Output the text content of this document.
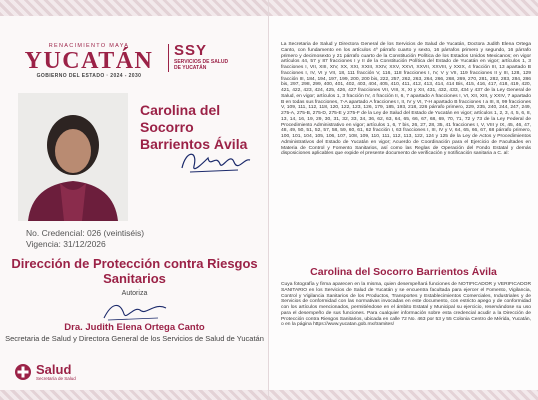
RENACIMIENTO MAYA
YUCATÁN
GOBIERNO DEL ESTADO · 2024 - 2030
SSY
SERVICIOS DE SALUD DE YUCATÁN
Carolina del Socorro Barrientos Ávila
No. Credencial: 026 (veintiséis)
Vigencia: 31/12/2026
Dirección de Protección contra Riesgos Sanitarios
Autoriza
Dra. Judith Elena Ortega Canto
Secretaria de Salud y Directora General de los Servicios de Salud de Yucatán
Salud
Secretaría de Salud
La Secretaria de Salud y Directora General de los Servicios de Salud de Yucatán, Doctora Judith Elena Ortega Canto, con fundamento en los artículos 4º párrafo cuarto y sexto, 16 párrafos primero y segundo, 16 párrafo primero y decimosexto y 21 párrafo cuarto de la Constitución Política de los Estados Unidos Mexicanos; en vigor artículos 44, 57 y 87 fracciones I y II de la Constitución Política del Estado de Yucatán en vigor; artículos 1, 3 fracciones I, VII, XIII, XIV, XX, XXI, XXIII, XXIV, XXV, XXVI, XXVII, XXVIII, y XXIX, 4 fracción III, 13 apartado B fracciones I, IV, VI y VII, 18, 111 fracción V, 116, 118 fracciones I, IV, V y VII, 119 fracciones II y III, 128, 129 fracción III, 184, 194, 197, 199, 200, 200 bis, 222, 257, 262, 263, 264, 266, 268, 269, 270, 281, 282, 283, 284, 286 bis, 297, 298, 299, 400, 401, 402, 403, 404, 405, 410, 411, 412, 413, 414, 414 Bis, 415, 416, 417, 418, 419, 420, 421, 422, 423, 424, 425, 426, 427 fracciones VII, VIII, X, XI y XII, 431, 432, 433, 434 y 437 de la Ley General de Salud, en vigor; artículos 1, 3 fracción IV, 4 fracción II, 6, 7 apartado A fracciones I, VI, XII, XIII, y XXIV, 7 apartado B en todas sus fracciones, 7-A apartado A fracciones I, II, IV y VI, 7-H apartado B fracciones I a III, 8, 99 fracciones V, 109, 111, 112, 118, 120, 122, 123, 126, 179, 185, 193, 218, 226 párrafo primero, 229, 235, 240, 244, 247, 249, 275-A, 275-B, 275-D, 275-E y 275-F de la Ley de Salud del Estado de Yucatán en vigor; artículos 1, 2, 3, 4, 5, 6, 8, 13, 14, 16, 19, 29, 30, 31, 32, 33, 34, 36, 62, 63, 64, 65, 66, 67, 68, 69, 70, 71, 72 y 73 de la Ley Federal de Procedimiento Administrativo en vigor; artículos 1, 6, 7 bis, 26, 27, 28, 35, 41 fracciones I, V, VIII y IX, 45, 46, 47, 48, 49, 50, 51, 52, 57, 58, 59, 60, 61, 62 fracción I, 63 fracciones I, III, IV y V, 64, 65, 66, 67, 68 párrafo primero, 100, 101, 104, 105, 106, 107, 108, 109, 110, 111, 112, 113, 122, 124 y 125 de la Ley de Actos y Procedimientos Administrativos del Estado de Yucatán en vigor; Acuerdo de Coordinación para el Ejercicio de Facultades en Materia de Control y Fomento Sanitarios, así como las Reglas de Operación del Fondo Estatal y demás disposiciones aplicables que expide el presente documento de verificación y notificación sanitaria a C. al:
Carolina del Socorro Barrientos Ávila
Cuya fotografía y firma aparecen en la misma, quien desempeñará funciones de NOTIFICADOR y VERIFICADOR SANITARIO en los Servicios de Salud de Yucatán y se encuentra facultada para ejercer el Fomento, Vigilancia, Control y Vigilancia Sanitarios de los Productos, Transportes y Establecimientos Comerciales, Industriales y de Servicios de conformidad con las normativas invocadas en este documento, con estricto apego y de conformidad con los artículos mencionados, permitiéndose en el ámbito Estatal y Municipal su ejercicio, reservándose su uso para el desempeño de sus funciones. Para cualquier información sobre esta credencial acudir a la Dirección de Protección contra Riesgos Sanitarios, ubicada en calle 72 No. 463 por 53 y 55 Colonia Centro de Mérida, Yucatán, o en la página https://www.yucatan.gob.mx/tramites/
